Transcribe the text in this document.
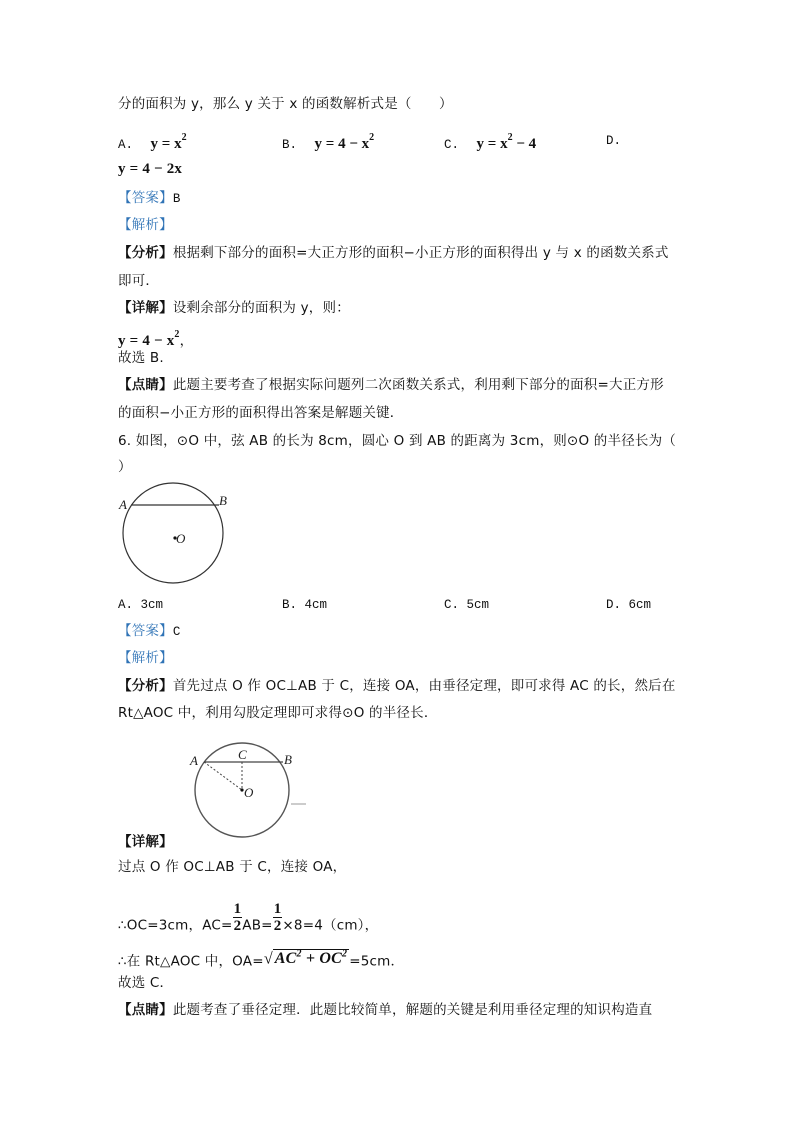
分的面积为 y，那么 y 关于 x 的函数解析式是（　　）
A. $y = x^2$
B. $y = 4 - x^2$
C. $y = x^2 - 4$	D.
y = 4 − 2x
【答案】B
【解析】
【分析】根据剩下部分的面积=大正方形的面积−小正方形的面积得出 y 与 x 的函数关系式
即可．
【详解】设剩余部分的面积为 y，则：
$y = 4 - x^2$，
故选 B.
【点睛】此题主要考查了根据实际问题列二次函数关系式，利用剩下部分的面积=大正方形
的面积−小正方形的面积得出答案是解题关键．
6. 如图，⊙O 中，弦 AB 的长为 8cm，圆心 O 到 AB 的距离为 3cm，则⊙O 的半径长为（
）
A	B
O
A. 3cm	B. 4cm	C. 5cm	D. 6cm
【答案】C
【解析】
【分析】首先过点 O 作 OC⊥AB 于 C，连接 OA，由垂径定理，即可求得 AC 的长，然后在
Rt△AOC 中，利用勾股定理即可求得⊙O 的半径长．
A	C	B
O
【详解】
过点 O 作 OC⊥AB 于 C，连接 OA，
∴OC=3cm，$AC= \frac{1}{2} AB= \frac{1}{2} \times 8=4(cm)$，
∴在 Rt△AOC 中，OA=√ $AC^2 + OC^2 =5cm$．
故选 C．
【点睛】此题考查了垂径定理．此题比较简单，解题的关键是利用垂径定理的知识构造直
